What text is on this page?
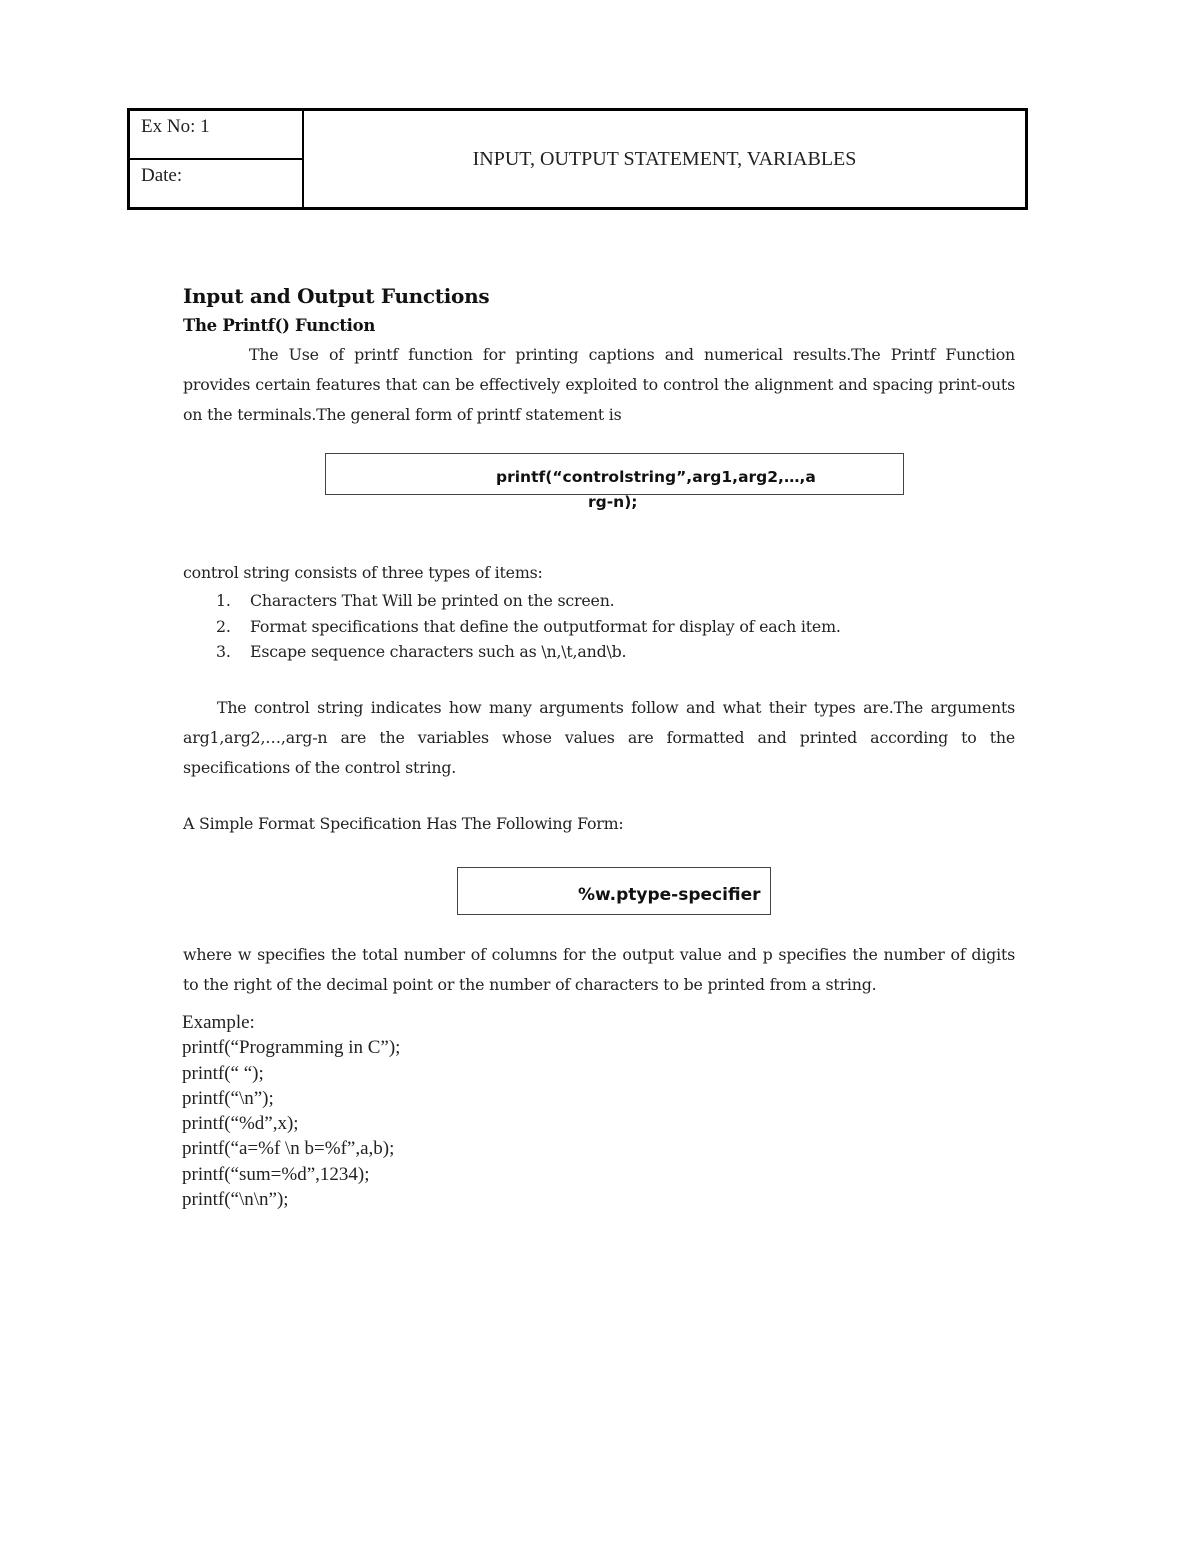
Ex No: 1
Date:
INPUT, OUTPUT STATEMENT, VARIABLES
Input and Output Functions
The Printf() Function
The Use of printf function for printing captions and numerical results.The Printf Function provides certain features that can be effectively exploited to control the alignment and spacing print-outs on the terminals.The general form of printf statement is
printf(“controlstring”,arg1,arg2,…,a
rg-n);
control string consists of three types of items:
1. Characters That Will be printed on the screen.
2. Format specifications that define the outputformat for display of each item.
3. Escape sequence characters such as \n,\t,and\b.
The control string indicates how many arguments follow and what their types are.The arguments arg1,arg2,…,arg-n are the variables whose values are formatted and printed according to the specifications of the control string.
A Simple Format Specification Has The Following Form:
%w.ptype-specifier
where w specifies the total number of columns for the output value and p specifies the number of digits to the right of the decimal point or the number of characters to be printed from a string.
Example:
printf(“Programming in C”);
printf(“ “);
printf(“\n”);
printf(“%d”,x);
printf(“a=%f \n b=%f”,a,b);
printf(“sum=%d”,1234);
printf(“\n\n”);
